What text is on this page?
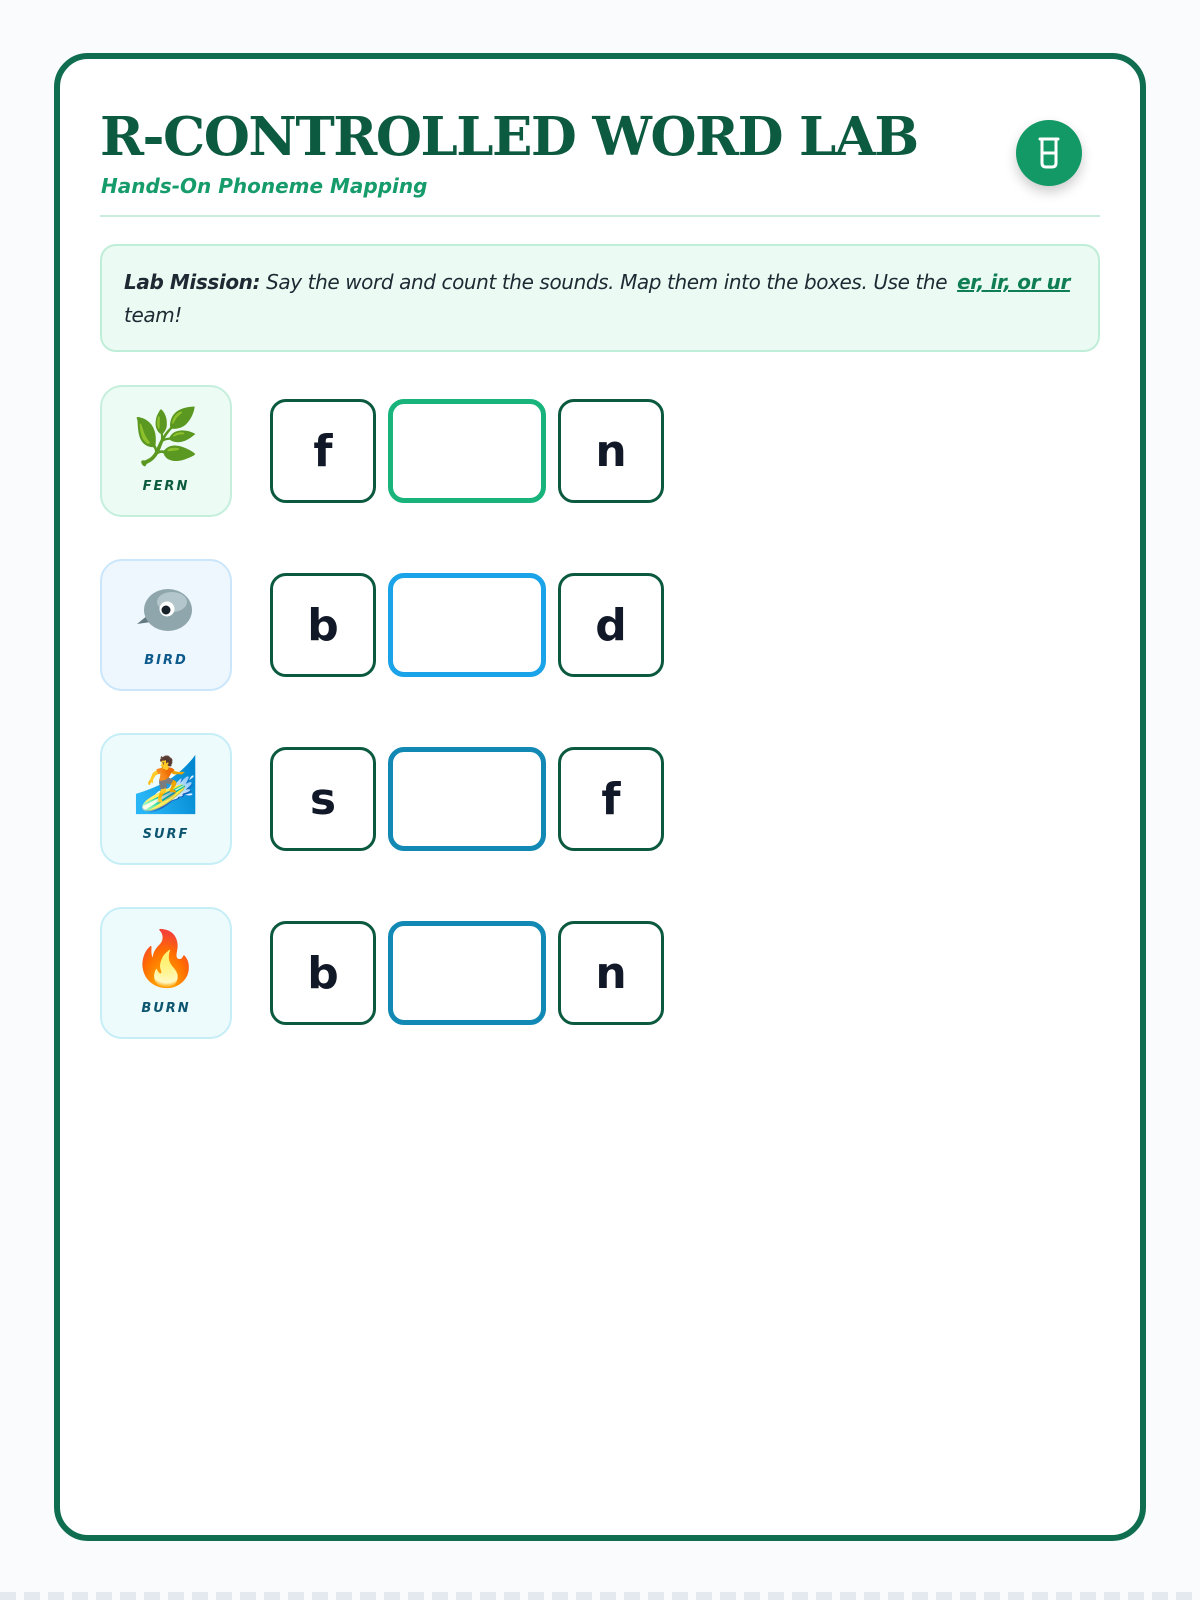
R-CONTROLLED WORD LAB
Hands-On Phoneme Mapping
Lab Mission: Say the word and count the sounds. Map them into the boxes. Use the er, ir, or ur team!
🌿
FERN
f	n
BIRD
b	d
🏄
SURF
s	f
🔥
BURN
b	n
